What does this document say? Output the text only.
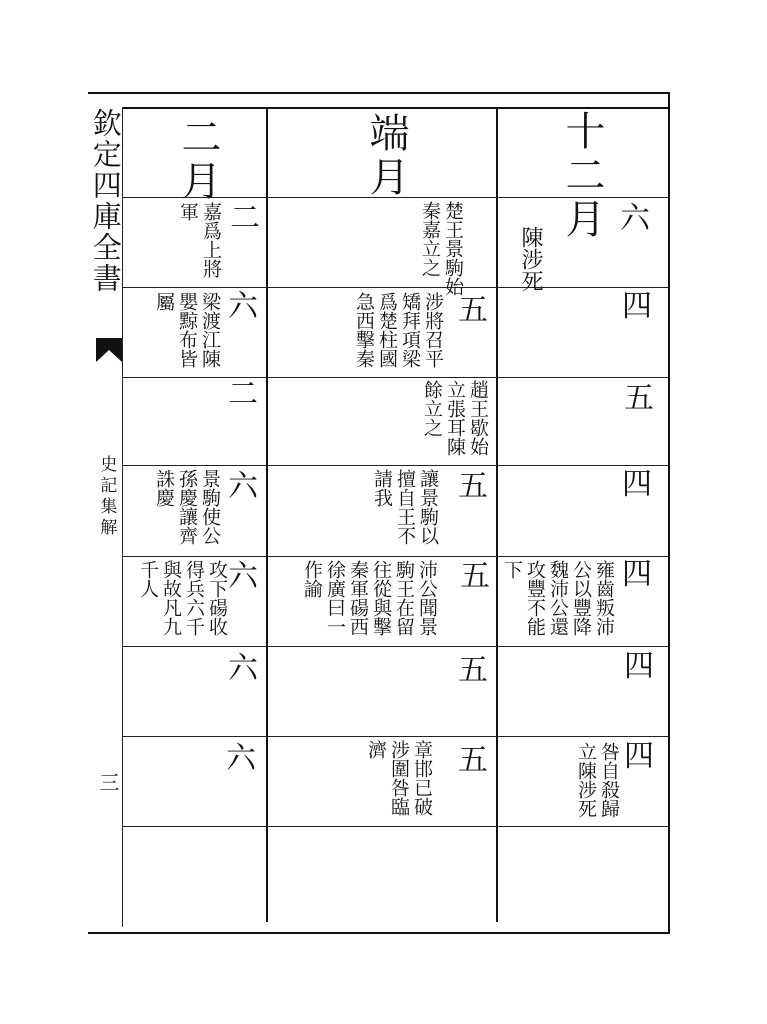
欽定四庫全書
史記集解
三
十二月
端月
二月
六
陳涉死
楚王景駒始
秦嘉立之
二
嘉爲上將
軍
四
五
涉將召平
矯拜項梁
爲楚柱國
急西擊秦
六
梁渡江陳
嬰黥布皆
屬
五
趙王歇始
立張耳陳
餘立之
二
四
五
讓景駒以
擅自王不
請我
六
景駒使公
孫慶讓齊
誅慶
四
雍齒叛沛
公以豐降
魏沛公還
攻豐不能
下
五
沛公聞景
駒王在留
往從與擊
秦軍碭西
徐廣曰一
作諭
六
攻下碭收
得兵六千
與故凡九
千人
四
五
六
四
咎自殺歸
立陳涉死
五
章邯已破
涉圍咎臨
濟
六
